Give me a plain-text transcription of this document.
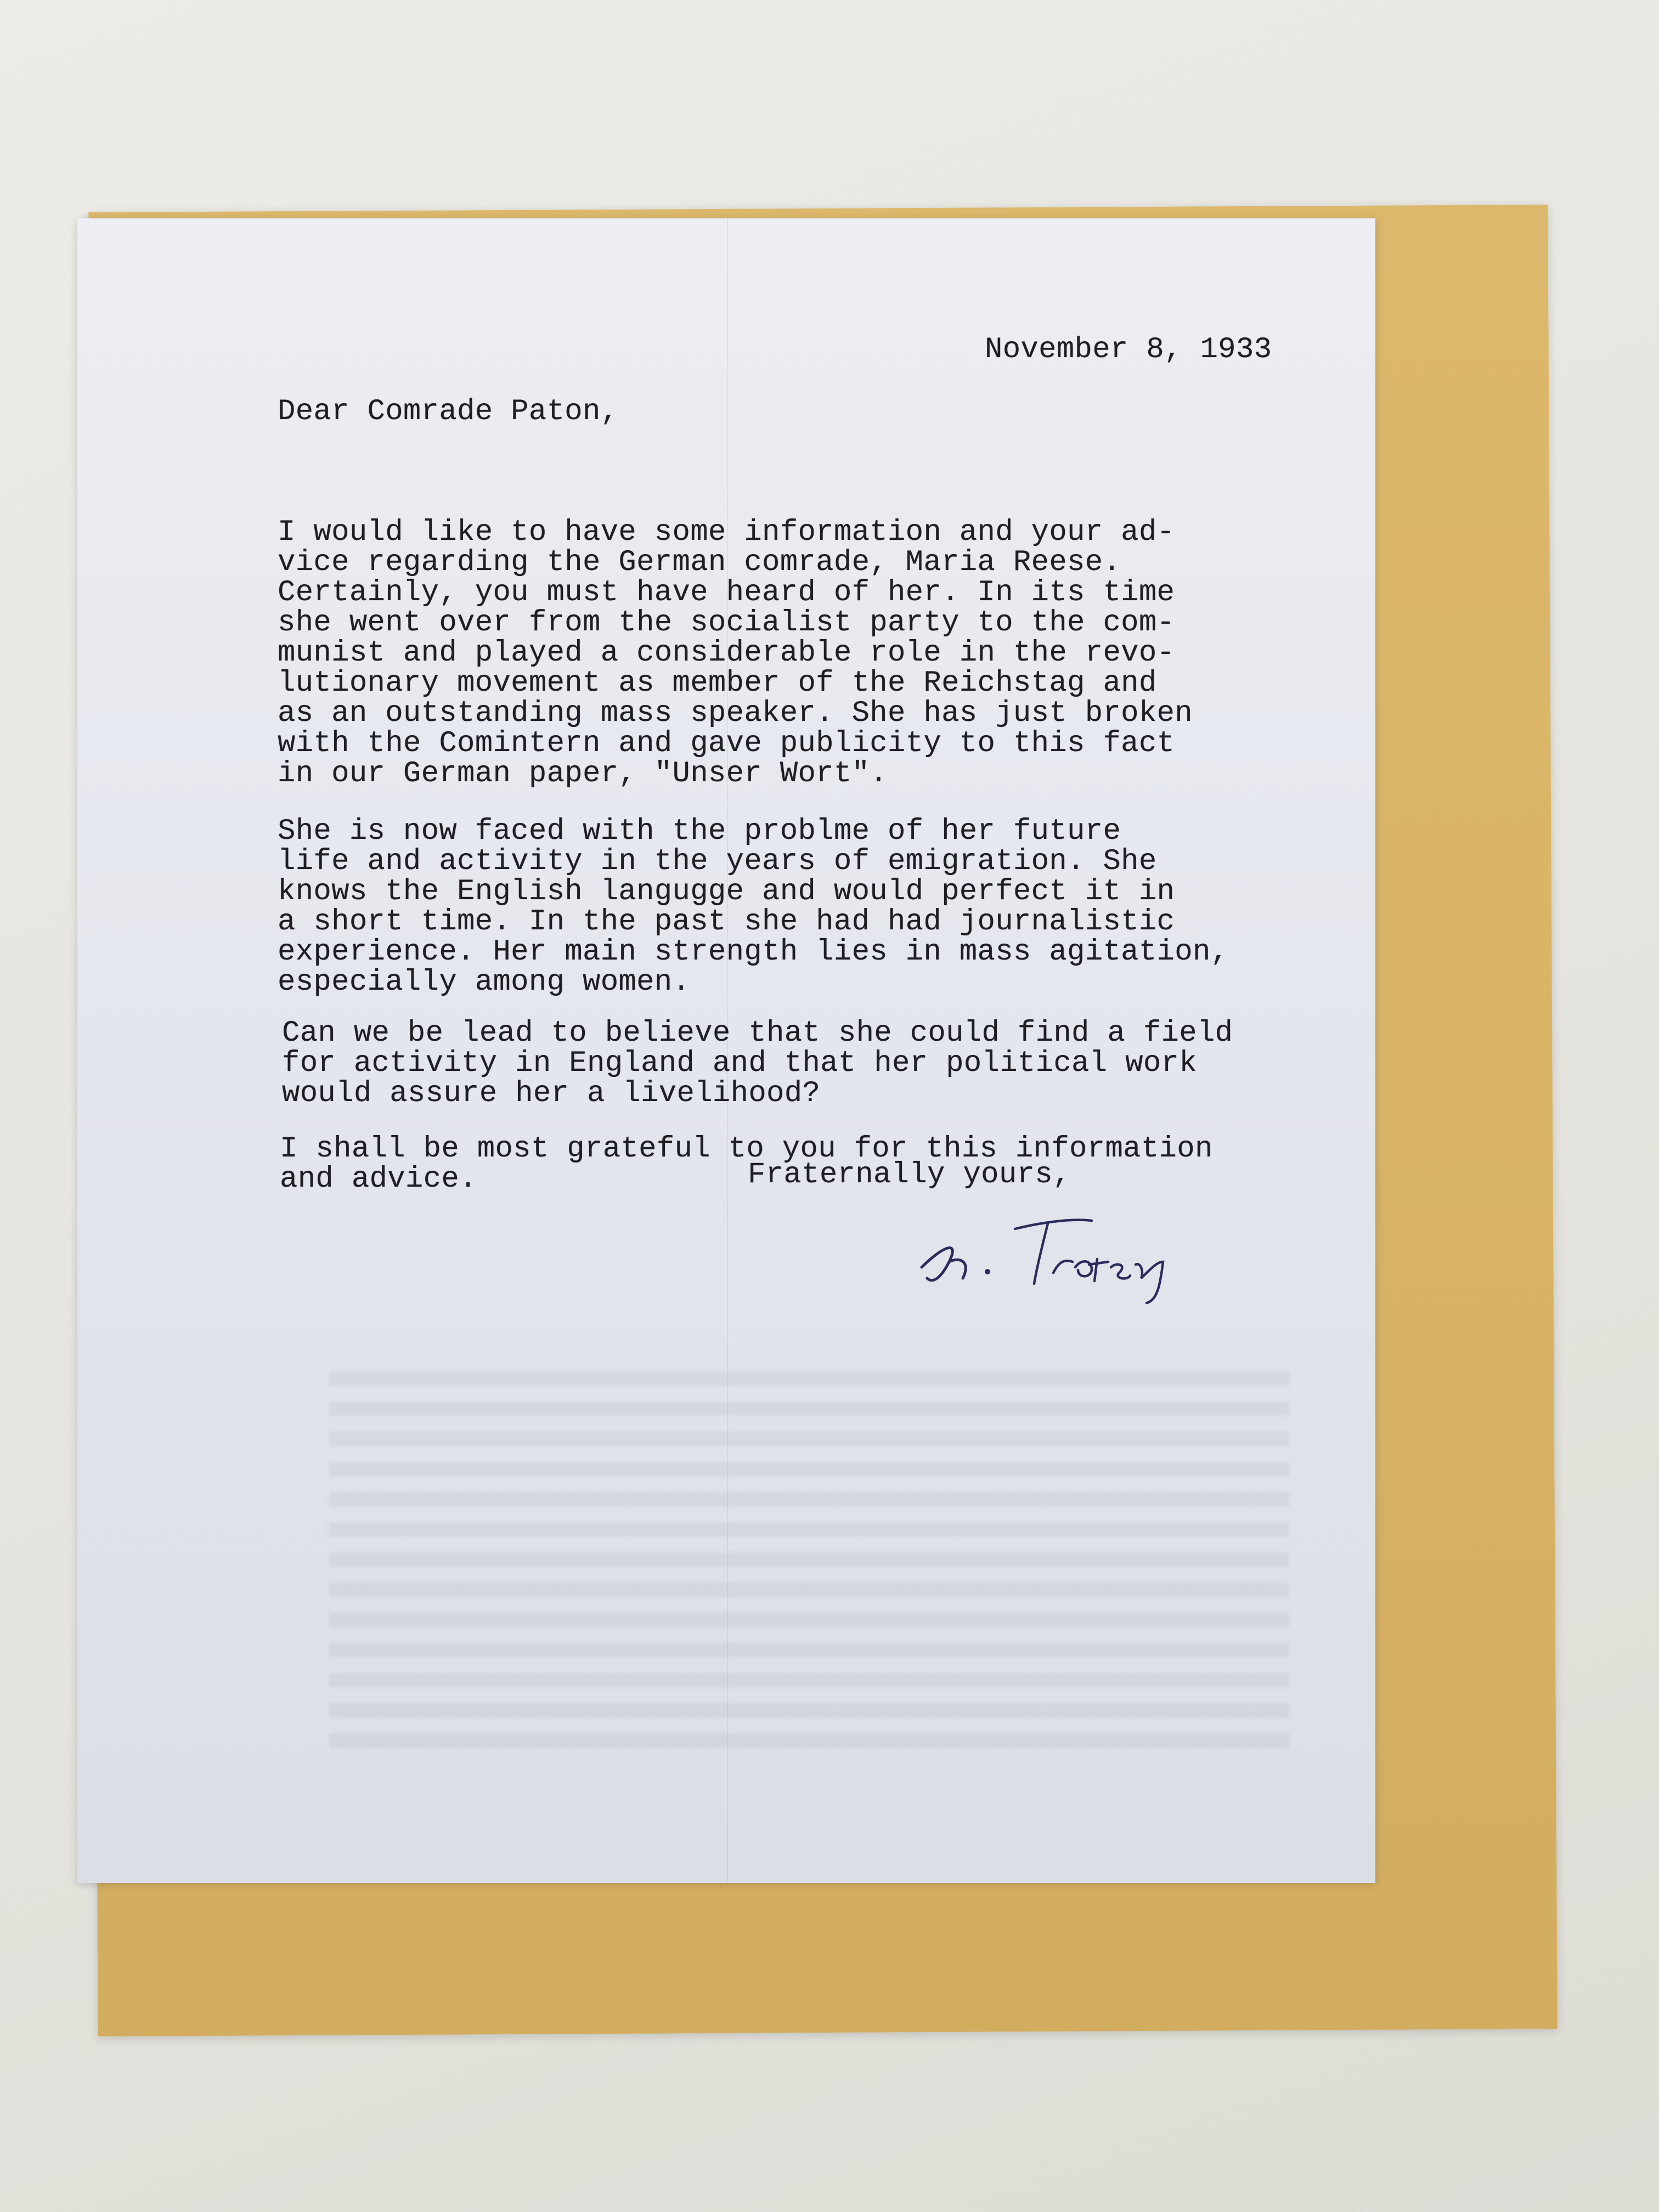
November 8, 1933
Dear Comrade Paton,

I would like to have some information and your ad-
vice regarding the German comrade, Maria Reese.
Certainly, you must have heard of her. In its time
she went over from the socialist party to the com-
munist and played a considerable role in the revo-
lutionary movement as member of the Reichstag and
as an outstanding mass speaker. She has just broken
with the Comintern and gave publicity to this fact
in our German paper, "Unser Wort".

She is now faced with the problme of her future
life and activity in the years of emigration. She
knows the English langugge and would perfect it in
a short time. In the past she had had journalistic
experience. Her main strength lies in mass agitation,
especially among women.

Can we be lead to believe that she could find a field
for activity in England and that her political work
would assure her a livelihood?

I shall be most grateful to you for this information
and advice.	Fraternally yours,
